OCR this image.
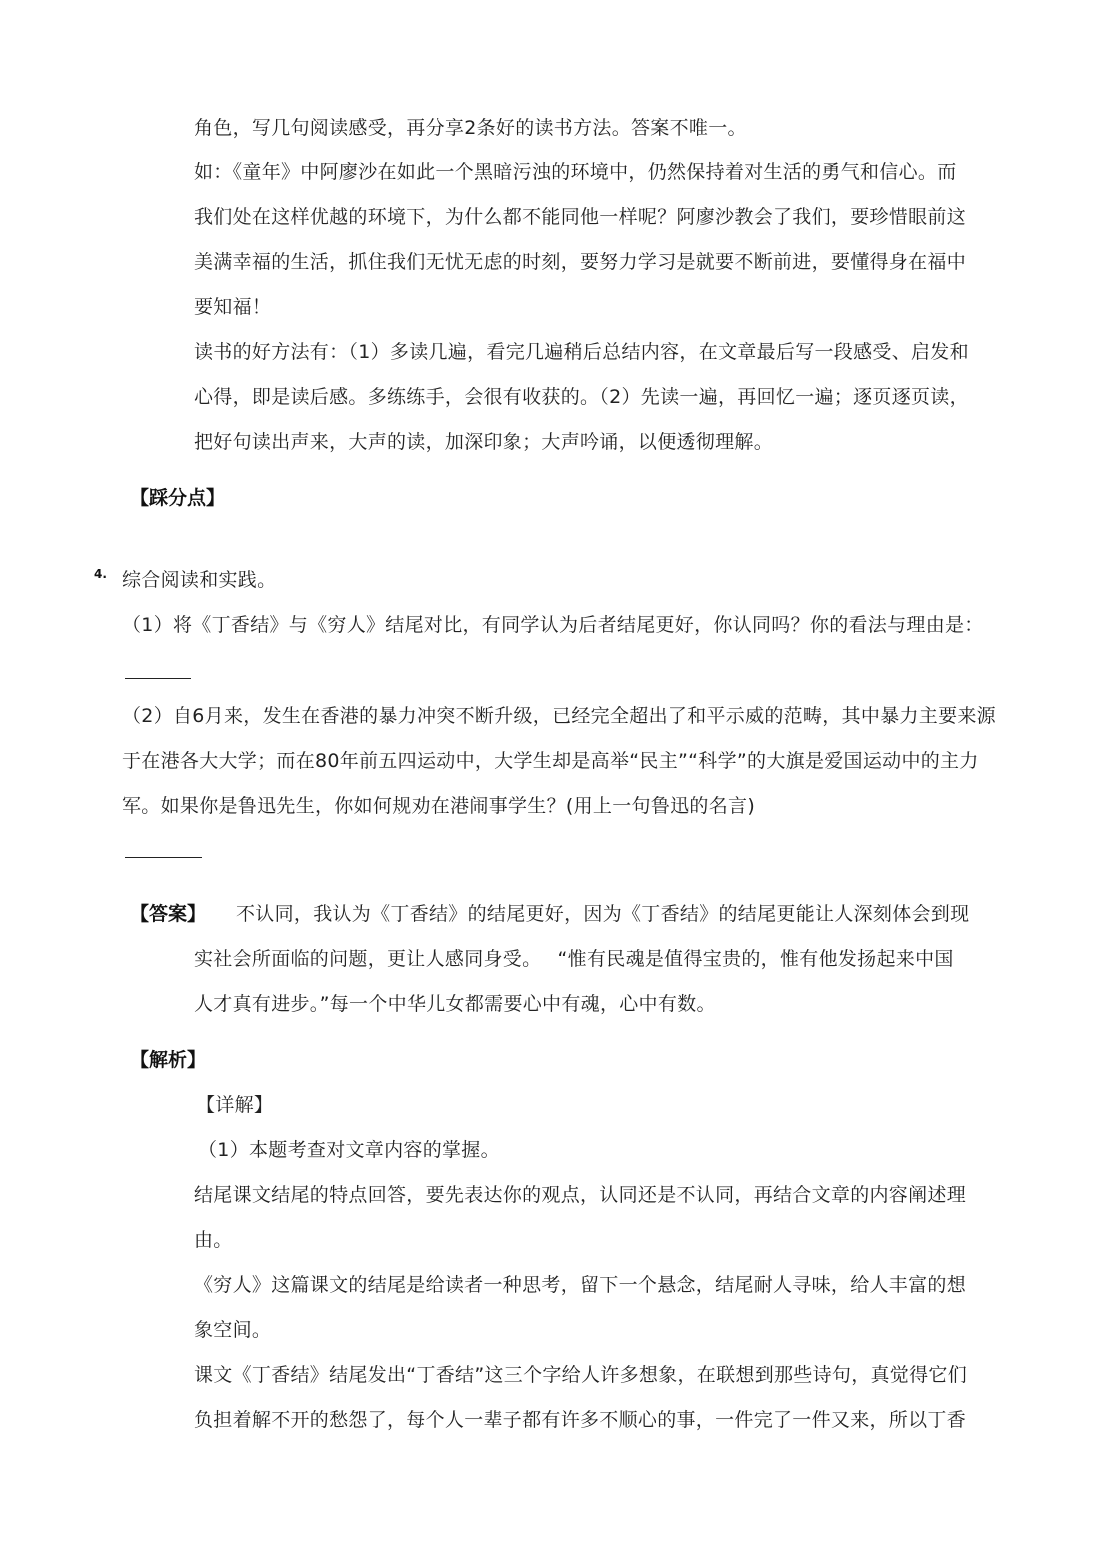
角色，写几句阅读感受，再分享2条好的读书方法。答案不唯一。
如：《童年》中阿廖沙在如此一个黑暗污浊的环境中，仍然保持着对生活的勇气和信心。而
我们处在这样优越的环境下，为什么都不能同他一样呢？阿廖沙教会了我们，要珍惜眼前这
美满幸福的生活，抓住我们无忧无虑的时刻，要努力学习是就要不断前进，要懂得身在福中
要知福！
读书的好方法有：（1）多读几遍，看完几遍稍后总结内容，在文章最后写一段感受、启发和
心得，即是读后感。多练练手，会很有收获的。（2）先读一遍，再回忆一遍；逐页逐页读，
把好句读出声来，大声的读，加深印象；大声吟诵，以便透彻理解。
【踩分点】
4. 综合阅读和实践。
（1）将《丁香结》与《穷人》结尾对比，有同学认为后者结尾更好，你认同吗？你的看法与理由是：
（2）自6月来，发生在香港的暴力冲突不断升级，已经完全超出了和平示威的范畴，其中暴力主要来源
于在港各大大学；而在80年前五四运动中，大学生却是高举“民主”“科学”的大旗是爱国运动中的主力
军。如果你是鲁迅先生，你如何规劝在港闹事学生？(用上一句鲁迅的名言)
【答案】 不认同，我认为《丁香结》的结尾更好，因为《丁香结》的结尾更能让人深刻体会到现
实社会所面临的问题，更让人感同身受。　 “惟有民魂是值得宝贵的，惟有他发扬起来中国
人才真有进步。”每一个中华儿女都需要心中有魂，心中有数。
【解析】
【详解】
（1）本题考查对文章内容的掌握。
结尾课文结尾的特点回答，要先表达你的观点，认同还是不认同，再结合文章的内容阐述理
由。
《穷人》这篇课文的结尾是给读者一种思考，留下一个悬念，结尾耐人寻味，给人丰富的想
象空间。
课文《丁香结》结尾发出“丁香结”这三个字给人许多想象，在联想到那些诗句，真觉得它们
负担着解不开的愁怨了，每个人一辈子都有许多不顺心的事，一件完了一件又来，所以丁香
